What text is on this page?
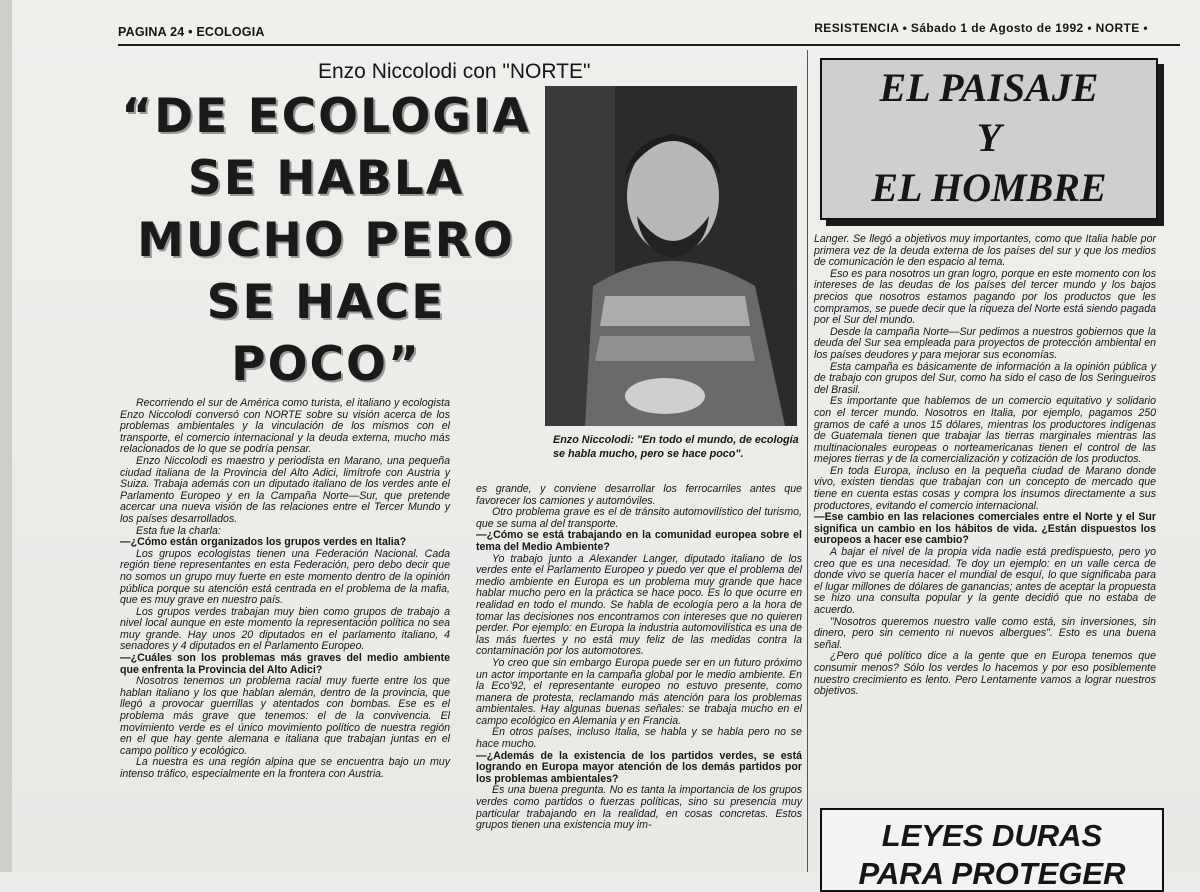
PAGINA 24 • ECOLOGIA	RESISTENCIA • Sábado 1 de Agosto de 1992 • NORTE •
Enzo Niccolodi con "NORTE"
“DE ECOLOGIA SE HABLA MUCHO PERO SE HACE POCO”
Enzo Niccolodi: "En todo el mundo, de ecología se habla mucho, pero se hace poco".

Recorriendo el sur de América como turista, el italiano y ecologista Enzo Niccolodi conversó con NORTE sobre su visión acerca de los problemas ambientales y la vinculación de los mismos con el transporte, el comercio internacional y la deuda externa, mucho más relacionados de lo que se podría pensar.

Enzo Niccolodi es maestro y periodista en Marano, una pequeña ciudad italiana de la Provincia del Alto Adici, limítrofe con Austria y Suiza. Trabaja además con un diputado italiano de los verdes ante el Parlamento Europeo y en la Campaña Norte—Sur, que pretende acercar una nueva visión de las relaciones entre el Tercer Mundo y los países desarrollados.

Esta fue la charla:

—¿Cómo están organizados los grupos verdes en Italia?

Los grupos ecologistas tienen una Federación Nacional. Cada región tiene representantes en esta Federación, pero debo decir que no somos un grupo muy fuerte en este momento dentro de la opinión pública porque su atención está centrada en el problema de la mafia, que es muy grave en nuestro país.

Los grupos verdes trabajan muy bien como grupos de trabajo a nivel local aunque en este momento la representación política no sea muy grande. Hay unos 20 diputados en el parlamento italiano, 4 senadores y 4 diputados en el Parlamento Europeo.

—¿Cuáles son los problemas más graves del medio ambiente que enfrenta la Provincia del Alto Adici?

Nosotros tenemos un problema racial muy fuerte entre los que hablan italiano y los que hablan alemán, dentro de la provincia, que llegó a provocar guerrillas y atentados con bombas. Ese es el problema más grave que tenemos: el de la convivencia. El movimiento verde es el único movimiento político de nuestra región en el que hay gente alemana e italiana que trabajan juntas en el campo político y ecológico.

La nuestra es una región alpina que se encuentra bajo un muy intenso tráfico, especialmente en la frontera con Austria.

es grande, y conviene desarrollar los ferrocarriles antes que favorecer los camiones y automóviles.

Otro problema grave es el de tránsito automovilístico del turismo, que se suma al del transporte.

—¿Cómo se está trabajando en la comunidad europea sobre el tema del Medio Ambiente?

Yo trabajo junto a Alexander Langer, diputado italiano de los verdes ente el Parlamento Europeo y puedo ver que el problema del medio ambiente en Europa es un problema muy grande que hace hablar mucho pero en la práctica se hace poco. Es lo que ocurre en realidad en todo el mundo. Se habla de ecología pero a la hora de tomar las decisiones nos encontramos con intereses que no quieren perder. Por ejemplo: en Europa la industria automovilística es una de las más fuertes y no está muy feliz de las medidas contra la contaminación por los automotores.

Yo creo que sin embargo Europa puede ser en un futuro próximo un actor importante en la campaña global por le medio ambiente. En la Eco'92, el representante europeo no estuvo presente, como manera de protesta, reclamando más atención para los problemas ambientales. Hay algunas buenas señales: se trabaja mucho en el campo ecológico en Alemania y en Francia.

En otros países, incluso Italia, se habla y se habla pero no se hace mucho.

—¿Además de la existencia de los partidos verdes, se está logrando en Europa mayor atención de los demás partidos por los problemas ambientales?

Es una buena pregunta. No es tanta la importancia de los grupos verdes como partidos o fuerzas políticas, sino su presencia muy particular trabajando en la realidad, en cosas concretas. Estos grupos tienen una existencia muy im-

EL PAISAJE
Y
EL HOMBRE

Langer. Se llegó a objetivos muy importantes, como que Italia hable por primera vez de la deuda externa de los países del sur y que los medios de comunicación le den espacio al tema.

Eso es para nosotros un gran logro, porque en este momento con los intereses de las deudas de los países del tercer mundo y los bajos precios que nosotros estamos pagando por los productos que les compramos, se puede decir que la riqueza del Norte está siendo pagada por el Sur del mundo.

Desde la campaña Norte—Sur pedimos a nuestros gobiernos que la deuda del Sur sea empleada para proyectos de protección ambiental en los países deudores y para mejorar sus economías.

Esta campaña es básicamente de información a la opinión pública y de trabajo con grupos del Sur, como ha sido el caso de los Seringueiros del Brasil.

Es importante que hablemos de un comercio equitativo y solidario con el tercer mundo. Nosotros en Italia, por ejemplo, pagamos 250 gramos de café a unos 15 dólares, mientras los productores indígenas de Guatemala tienen que trabajar las tierras marginales mientras las multinacionales europeas o norteamericanas tienen el control de las mejores tierras y de la comercialización y cotización de los productos.

En toda Europa, incluso en la pequeña ciudad de Marano donde vivo, existen tiendas que trabajan con un concepto de mercado que tiene en cuenta estas cosas y compra los insumos directamente a sus productores, evitando el comercio internacional.

—Ese cambio en las relaciones comerciales entre el Norte y el Sur significa un cambio en los hábitos de vida. ¿Están dispuestos los europeos a hacer ese cambio?

A bajar el nivel de la propia vida nadie está predispuesto, pero yo creo que es una necesidad. Te doy un ejemplo: en un valle cerca de donde vivo se quería hacer el mundial de esquí, lo que significaba para el lugar millones de dólares de ganancias; antes de aceptar la propuesta se hizo una consulta popular y la gente decidió que no estaba de acuerdo.

"Nosotros queremos nuestro valle como está, sin inversiones, sin dinero, pero sin cemento ni nuevos albergues". Esto es una buena señal.

¿Pero qué político dice a la gente que en Europa tenemos que consumir menos? Sólo los verdes lo hacemos y por eso posiblemente nuestro crecimiento es lento. Pero Lentamente vamos a lograr nuestros objetivos.

LEYES DURAS
PARA PROTEGER
